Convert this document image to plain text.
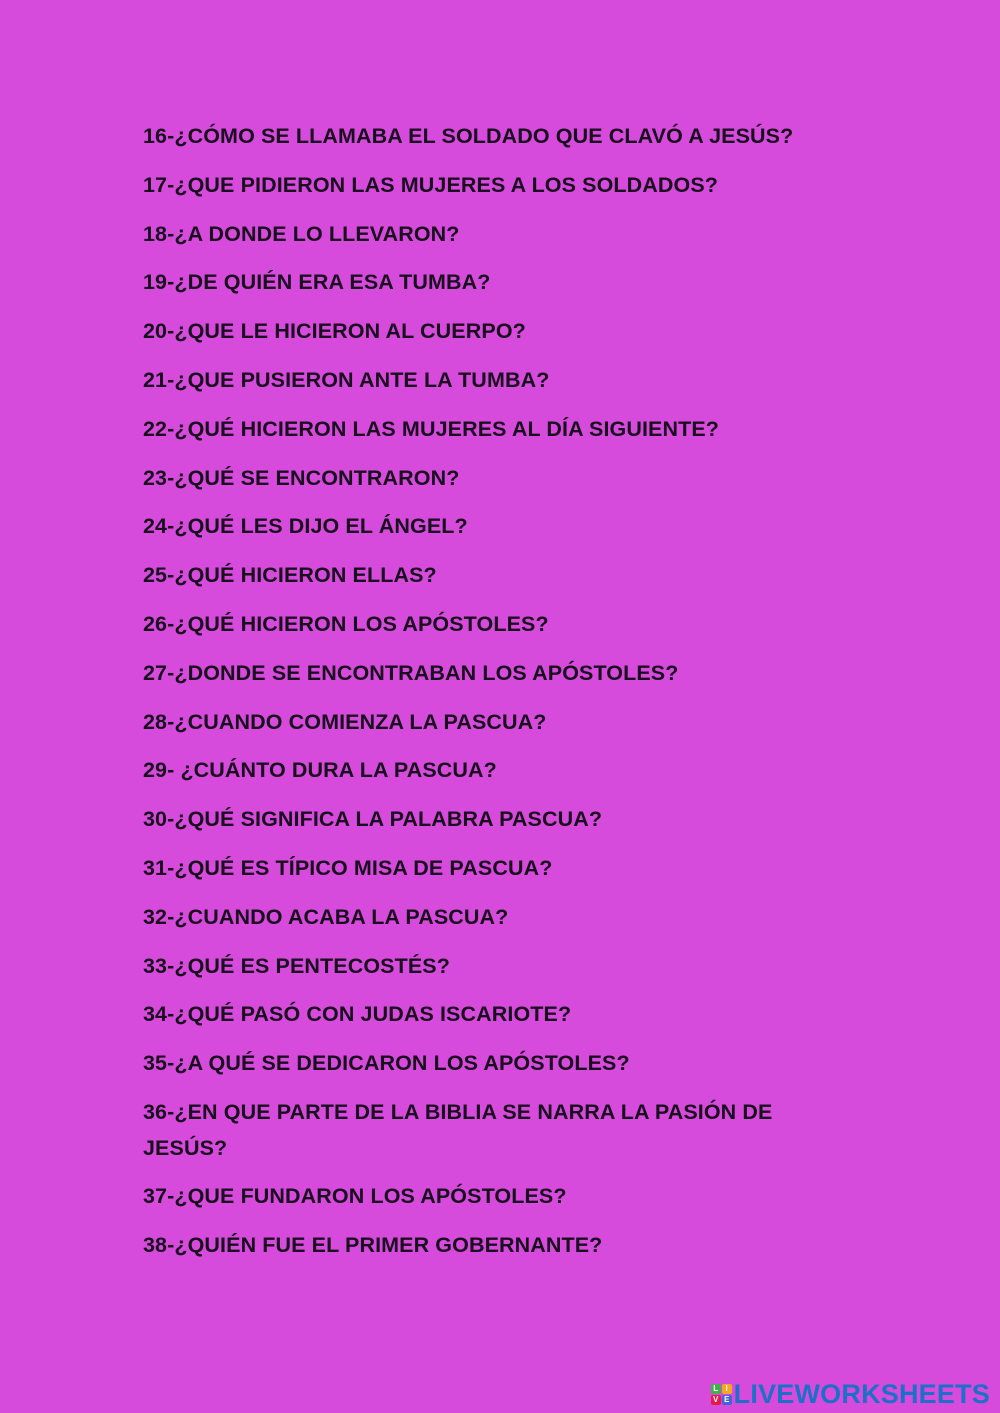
16-¿CÓMO SE LLAMABA EL SOLDADO QUE CLAVÓ A JESÚS?
17-¿QUE PIDIERON LAS MUJERES A LOS SOLDADOS?
18-¿A DONDE LO LLEVARON?
19-¿DE QUIÉN ERA ESA TUMBA?
20-¿QUE LE HICIERON AL CUERPO?
21-¿QUE PUSIERON ANTE LA TUMBA?
22-¿QUÉ HICIERON LAS MUJERES AL DÍA SIGUIENTE?
23-¿QUÉ SE ENCONTRARON?
24-¿QUÉ LES DIJO EL ÁNGEL?
25-¿QUÉ HICIERON ELLAS?
26-¿QUÉ HICIERON LOS APÓSTOLES?
27-¿DONDE SE ENCONTRABAN LOS APÓSTOLES?
28-¿CUANDO COMIENZA LA PASCUA?
29- ¿CUÁNTO DURA LA PASCUA?
30-¿QUÉ SIGNIFICA LA PALABRA PASCUA?
31-¿QUÉ ES TÍPICO MISA DE PASCUA?
32-¿CUANDO ACABA LA PASCUA?
33-¿QUÉ ES PENTECOSTÉS?
34-¿QUÉ PASÓ CON JUDAS ISCARIOTE?
35-¿A QUÉ SE DEDICARON LOS APÓSTOLES?
36-¿EN QUE PARTE DE LA BIBLIA SE NARRA LA PASIÓN DE JESÚS?
37-¿QUE FUNDARON LOS APÓSTOLES?
38-¿QUIÉN FUE EL PRIMER GOBERNANTE?
L I
V E LIVEWORKSHEETS
